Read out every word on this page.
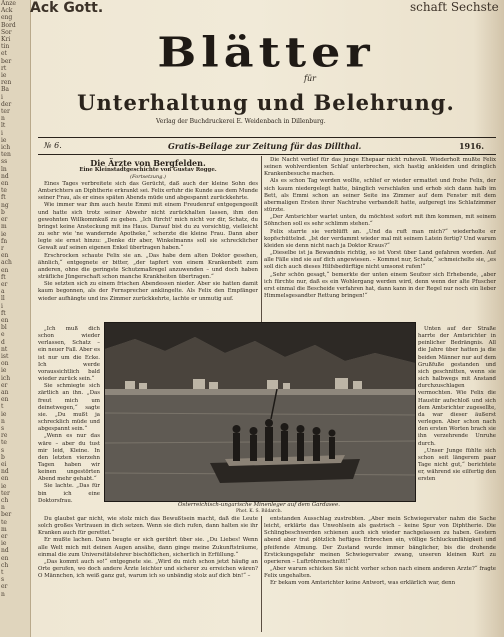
Anze
Ack
eng
Bord
Sor
Kri
tin
et
ber
rt
ie
ren
Ba
i
der
ter
n
lt
i
ie
ich
ten
ss
ln
nd
en
te
ft
ng
b
er
m
ie
fn
r
en
ach
en
ft
er
a
ll
i
ft
en
bl
e
d
nt
ist
on
ie
ich
er
an
en
t
ie
n
s
re
te
s
b
ei
nd
en
ie
ter
ch
n
ber
te
m
er
ie
nd
en
ch
t
s
er
n
Ack Gott.	schaft Sechste
Blätter
für
Unterhaltung und Belehrung.
Verlag der Buchdruckerei E. Weidenbach in Dillenburg.
№ 6.	Gratis-Beilage zur Zeitung für das Dillthal.	1916.
Die Ärzte von Bergfelden.
Eine Kleinstadtgeschichte von Gustav Rogge.
(Fortsetzung.)

Eines Tages verbreitete sich das Gerücht, daß auch der kleine Sohn des Amtsrichters an Diphtherie erkrankt sei. Felix erfuhr die Kunde aus dem Munde seiner Frau, als er eines späten Abends müde und abgespannt zurückkehrte.

Wie immer war ihm auch heute Emmi mit einem Freudenruf entgegengeeilt und hatte sich trotz seiner Abwehr nicht zurückhalten lassen, ihm den gewohnten Willkommkuß zu geben. „Ich fürcht' mich nicht vor dir, Schatz, du bringst keine Ansteckung mit ins Haus. Darauf bist du zu vorsichtig, vielleicht zu sehr wie 'ne wandernde Apotheke,“ scherzte die kleine Frau. Dann aber legte sie ernst hinzu: „Denke dir aber, Winkelmanns soll sie schrecklicher Gewalt auf seinen eigenen Enkel übertragen haben.“

Erschrocken schaute Felix sie an. „Das habe dem alten Doktor gesehen, ähnlich,“ entgegnete er bitter, „der tapfert von einem Krankenbett zum anderen, ohne die geringste Schutzmaßregel anzuwenden – und doch haben sträfliche Jüngerschaft schon manche Krankheiten übertragen.“

Sie setzten sich zu einem frischen Abendessen nieder. Aber sie hatten damit kaum begonnen, als der Fernsprecher anklingelte. Als Felix den Empfänger wieder aufhängte und ins Zimmer zurückkehrte, lachte er unmutig auf.

Die Nacht verlief für das junge Ehepaar nicht ruhevoll. Wiederholt mußte Felix seinen wohlverdienten Schlaf unterbrechen, sich hastig ankleiden und dringlich Krankenbesuche machen.

Als es schon Tag werden wollte, schlief er wieder ermattet und frohe Felix, der sich kaum niedergelegt hatte, bänglich verschlafen und erhob sich dann halb im Bett, als Emmi schon an seiner Seite ins Zimmer auf dem Fenster mit dem abermaligen Ersten ihrer Nachtruhe verbandelt hatte, aufgeregt ins Schlafzimmer stürzte.

„Der Amtsrichter wartet unten, du möchtest sofort mit ihm kommen, mit seinem Söhnchen soll es sehr schlimm stehen.“

Felix starrte sie verblüfft an. „Und da ruft man mich?“ wiederholte er kopfschüttelnd. „Ist der verdammt wieder mal mit seinem Latein fertig? Und warum kleiden sie denn nicht nach ja Doktor Kraus?“

„Dieselbe ist ja Bewandnis richtig, so ist Vorst über Land gefahren worden. Auf alle Fälle sind sie auf dich angewiesen. – Kommst nur, Schatz,“ schmeichelte sie, „es soll dich auch dieses Hilfsbedürftige nicht umsonst rufen!“

„Sehr schön gesagt,“ bemerkte der unten einem Seufzer sich Erhebende, „aber ich fürchte nur, daß es ein Wohlergang werden wird, denn wenn der alte Pfuscher erst einmal die Bescheide verfahren hat, dann kann in der Regel nur noch ein lieber Himmelsgesandter Rettung bringen!“

„Ich muß dich schon wieder verlassen, Schatz – ein neuer Fall. Aber es ist nur um die Ecke. Ich werde voraussichtlich bald wieder zurück sein.“

Sie schmiegte sich zärtlich an ihn. „Das freut mich um deinetwegen,“ sagte sie. „Du mußt ja schrecklich müde und abgespannt sein.“

„Wenn es nur das wäre – aber du tust mir leid, Kleine. In den letzten vierzehn Tagen haben wir keinen ungestörten Abend mehr gehabt.“

Sie lachte. „Das für bin ich eine Doktorsfrau.

Unten auf der Straße harrte der Amtsrichter in peinlicher Bedrängnis. All die Jahre über hatten ja die beiden Männer nur auf dem Grußfuße gestanden und sich geschnitten, wenn sie sich halbwegs mit Anstand durchzuschlagen vermochten. Wie Felix die Haustür aufschloß und sich dem Amtsrichter zugesellte, da war dieser äußerst verlegen. Aber schon nach den ersten Worten brach sie ihn verzehrende Unruhe durch.

„Unser Junge fühlte sich schon seit längerem paar Tage nicht gut,“ berichtete er, während sie eilfertig den ersten

Österreichisch-ungarische Minenleger auf dem Gardasee.
Phot. K. S. Bildarch.

Du glaubst gar nicht, wie stolz mich das Bewußtsein macht, daß die Leute solch großes Vertrauen in dich setzen. Wenn sie dich rufen, dann halten sie ihr Kranken auch für gerettet.“

Er mußte lachen. Dann beugte er sich gerührt über sie. „Du Liebes! Wenn alle Welt mich mit deinen Augen ansähe, dann ginge meine Zukunftsträume, einmal die zum Universitätslehrer bischöflichen, sicherlich in Erfüllung.“

„Das kommt auch so!“ entgegnete sie. „Wird du mich schon jetzt häufig an Orte gerufen, wo doch andere Ärzte leichter und sicherer zu erreichen wären? O Männchen, ich weiß ganz gut, warum ich so unbändig stolz auf dich bin!“ –

entstanden Ausschlag zustrebten. „Aber mein Schwiegervater nahm die Sache leicht, erklärte das Unwohlsein als gastrisch – keine Spur von Diphtherie. Die Schlingbeschwerden schienen auch sich wieder nachgelassen zu haben. Gestern abend aber trat plötzlich heftiges Erbrechen ein, völlige Schluckunfähigkeit und pfeifende Atmung. Der Zustand wurde immer bänglicher, bis die drohende Erstickungsgefahr meinen Schwiegervater zwang, unseren kleinen Kurt zu operieren – Luftröhrenschnitt!“

„Aber warum schicken Sie nicht vorher schon nach einem anderen Arzte?“ fragte Felix ungehalten.

Er bekam vom Amtsrichter keine Antwort, was erklärlich war, denn
